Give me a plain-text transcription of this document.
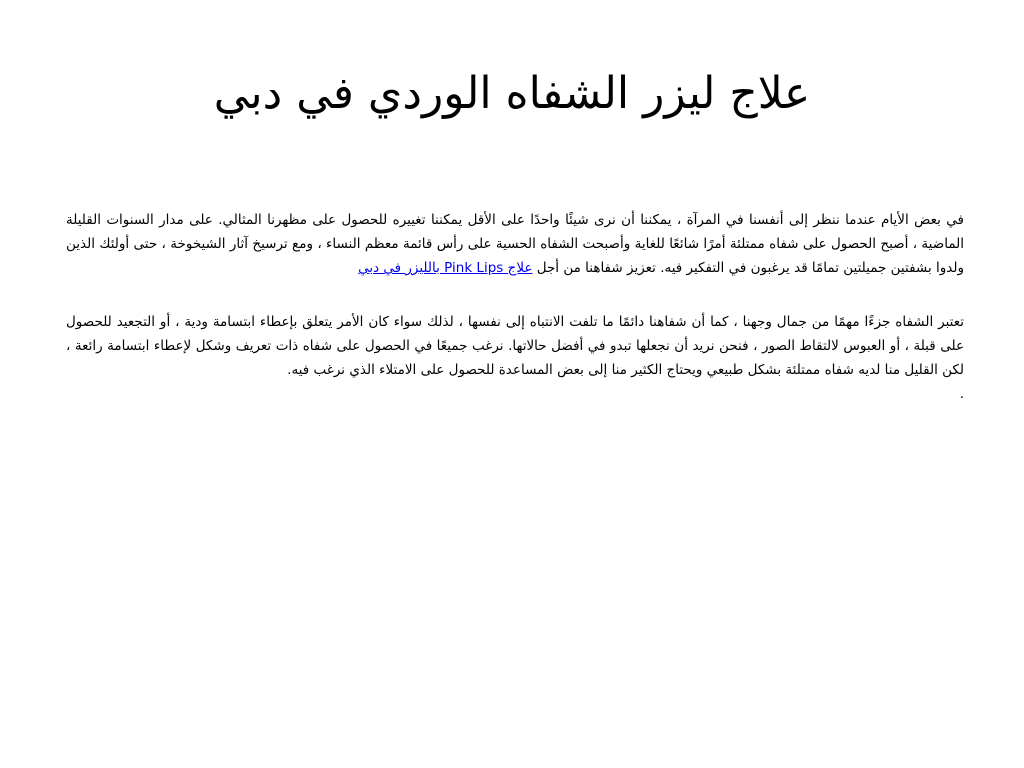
علاج ليزر الشفاه الوردي في دبي

في بعض الأيام عندما ننظر إلى أنفسنا في المرآة ، يمكننا أن نرى شيئًا واحدًا على الأقل يمكننا تغييره للحصول على مظهرنا المثالي. على مدار السنوات القليلة الماضية ، أصبح الحصول على شفاه ممتلئة أمرًا شائعًا للغاية وأصبحت الشفاه الحسية على رأس قائمة معظم النساء ، ومع ترسيخ آثار الشيخوخة ، حتى أولئك الذين ولدوا بشفتين جميلتين تمامًا قد يرغبون في التفكير فيه. تعزيز شفاهنا من أجل علاج Pink Lips بالليزر في دبي

تعتبر الشفاه جزءًا مهمًا من جمال وجهنا ، كما أن شفاهنا دائمًا ما تلفت الانتباه إلى نفسها ، لذلك سواء كان الأمر يتعلق بإعطاء ابتسامة ودية ، أو التجعيد للحصول على قبلة ، أو العبوس لالتقاط الصور ، فنحن نريد أن نجعلها تبدو في أفضل حالاتها. نرغب جميعًا في الحصول على شفاه ذات تعريف وشكل لإعطاء ابتسامة رائعة ، لكن القليل منا لديه شفاه ممتلئة بشكل طبيعي ويحتاج الكثير منا إلى بعض المساعدة للحصول على الامتلاء الذي نرغب فيه.

.
